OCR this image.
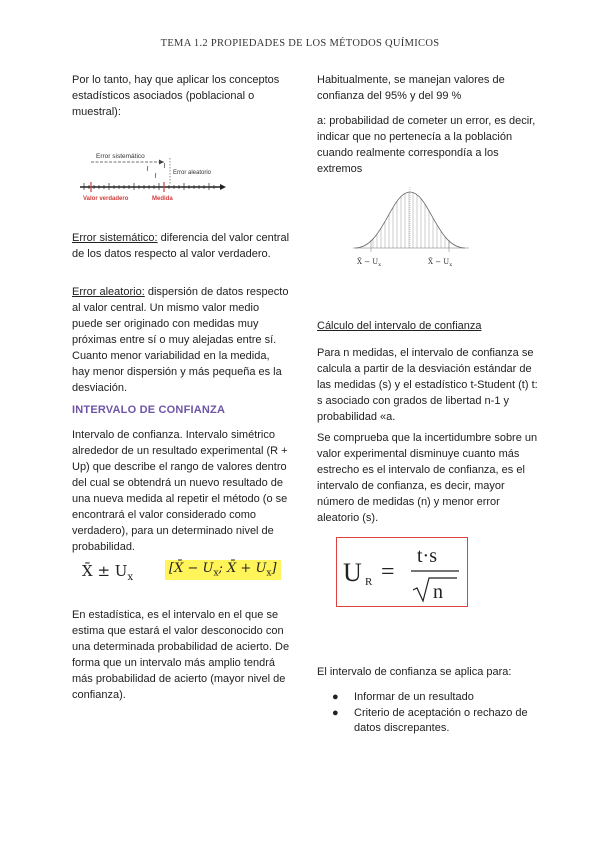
TEMA 1.2 PROPIEDADES DE LOS MÉTODOS QUÍMICOS

Por lo tanto, hay que aplicar los conceptos estadísticos asociados (poblacional o muestral):

Error sistemático
≀
≀
≀
Error aleatorio
Valor verdadero	Medida

Error sistemático: diferencia del valor central de los datos respecto al valor verdadero.

Error aleatorio: dispersión de datos respecto al valor central. Un mismo valor medio puede ser originado con medidas muy próximas entre sí o muy alejadas entre sí. Cuanto menor variabilidad en la medida, hay menor dispersión y más pequeña es la desviación.

INTERVALO DE CONFIANZA

Intervalo de confianza. Intervalo simétrico alrededor de un resultado experimental (R + Up) que describe el rango de valores dentro del cual se obtendrá un nuevo resultado de una nueva medida al repetir el método (o se encontrará el valor considerado como verdadero), para un determinado nivel de probabilidad.

X̄ ± $U_x$
[X̄ − $U_x$; X̄ + $U_x$]

En estadística, es el intervalo en el que se estima que estará el valor desconocido con una determinada probabilidad de acierto. De forma que un intervalo más amplio tendrá más probabilidad de acierto (mayor nivel de confianza).

Habitualmente, se manejan valores de confianza del 95% y del 99 %

a: probabilidad de cometer un error, es decir, indicar que no pertenecía a la población cuando realmente correspondía a los extremos

X̄ − $U_x$	X̄ − $U_x$
Cálculo del intervalo de confianza

Para n medidas, el intervalo de confianza se calcula a partir de la desviación estándar de las medidas (s) y el estadístico t-Student (t) t: s asociado con grados de libertad n-1 y probabilidad «a.

Se comprueba que la incertidumbre sobre un valor experimental disminuye cuanto más estrecho es el intervalo de confianza, es el intervalo de confianza, es decir, mayor número de medidas (n) y menor error aleatorio (s).

U R =
t·s
n

El intervalo de confianza se aplica para:

● Informar de un resultado
● Criterio de aceptación o rechazo de datos discrepantes.
